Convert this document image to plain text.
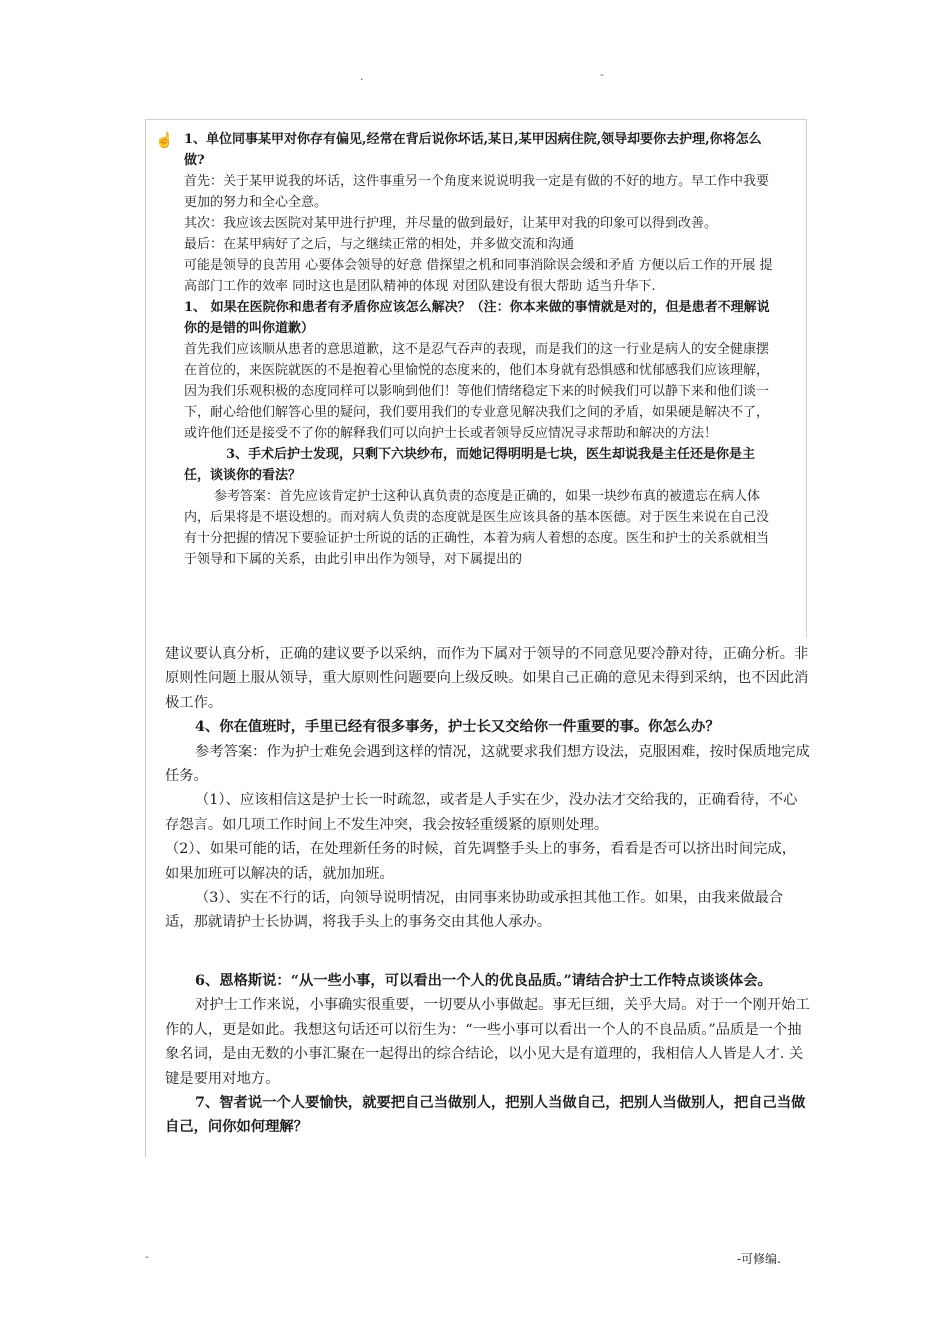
.	-
☝ 1、单位同事某甲对你存有偏见,经常在背后说你坏话,某日,某甲因病住院,领导却要你去护理,你将怎么做?

首先：关于某甲说我的坏话，这件事重另一个角度来说说明我一定是有做的不好的地方。早工作中我要更加的努力和全心全意。

其次：我应该去医院对某甲进行护理，并尽量的做到最好，让某甲对我的印象可以得到改善。

最后：在某甲病好了之后，与之继续正常的相处，并多做交流和沟通

可能是领导的良苦用 心要体会领导的好意 借探望之机和同事消除误会缓和矛盾 方便以后工作的开展 提高部门工作的效率 同时这也是团队精神的体现 对团队建设有很大帮助 适当升华下.

1、 如果在医院你和患者有矛盾你应该怎么解决？（注：你本来做的事情就是对的，但是患者不理解说你的是错的叫你道歉）

首先我们应该顺从患者的意思道歉，这不是忍气吞声的表现，而是我们的这一行业是病人的安全健康摆在首位的，来医院就医的不是抱着心里愉悦的态度来的，他们本身就有恐惧感和忧郁感我们应该理解，因为我们乐观积极的态度同样可以影响到他们！等他们情绪稳定下来的时候我们可以静下来和他们谈一下，耐心给他们解答心里的疑问，我们要用我们的专业意见解决我们之间的矛盾，如果硬是解决不了，或许他们还是接受不了你的解释我们可以向护士长或者领导反应情况寻求帮助和解决的方法！

3、手术后护士发现，只剩下六块纱布，而她记得明明是七块，医生却说我是主任还是你是主任，谈谈你的看法？

参考答案：首先应该肯定护士这种认真负责的态度是正确的，如果一块纱布真的被遗忘在病人体内，后果将是不堪设想的。而对病人负责的态度就是医生应该具备的基本医德。对于医生来说在自己没有十分把握的情况下要验证护士所说的话的正确性，本着为病人着想的态度。医生和护士的关系就相当于领导和下属的关系，由此引申出作为领导，对下属提出的

建议要认真分析，正确的建议要予以采纳，而作为下属对于领导的不同意见要冷静对待，正确分析。非原则性问题上服从领导，重大原则性问题要向上级反映。如果自己正确的意见未得到采纳，也不因此消极工作。

4、你在值班时，手里已经有很多事务，护士长又交给你一件重要的事。你怎么办？

参考答案：作为护士难免会遇到这样的情况，这就要求我们想方设法，克服困难，按时保质地完成任务。

（1）、应该相信这是护士长一时疏忽，或者是人手实在少，没办法才交给我的，正确看待，不心存怨言。如几项工作时间上不发生冲突，我会按轻重缓紧的原则处理。

（2）、如果可能的话，在处理新任务的时候，首先调整手头上的事务，看看是否可以挤出时间完成，如果加班可以解决的话，就加加班。

（3）、实在不行的话，向领导说明情况，由同事来协助或承担其他工作。如果，由我来做最合适，那就请护士长协调，将我手头上的事务交由其他人承办。

6、恩格斯说：“从一些小事，可以看出一个人的优良品质。”请结合护士工作特点谈谈体会。

对护士工作来说，小事确实很重要，一切要从小事做起。事无巨细，关乎大局。对于一个刚开始工作的人，更是如此。我想这句话还可以衍生为：“一些小事可以看出一个人的不良品质。”品质是一个抽象名词，是由无数的小事汇聚在一起得出的综合结论，以小见大是有道理的，我相信人人皆是人才. 关键是要用对地方。

7、智者说一个人要愉快，就要把自己当做别人，把别人当做自己，把别人当做别人，把自己当做自己，问你如何理解？

-	-可修编.
